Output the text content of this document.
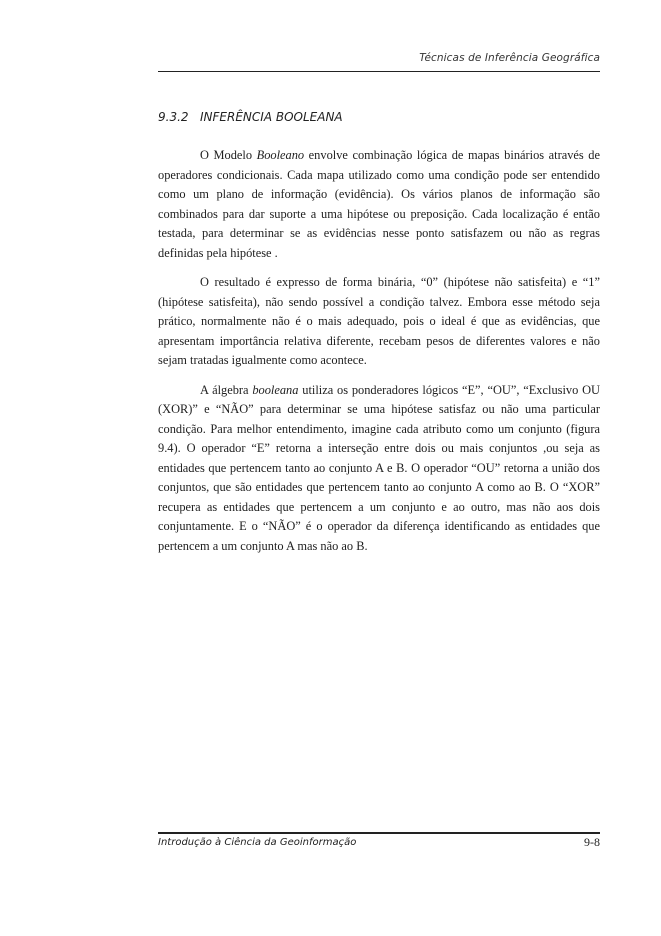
Técnicas de Inferência Geográfica
9.3.2 INFERÊNCIA BOOLEANA

O Modelo Booleano envolve combinação lógica de mapas binários através de operadores condicionais. Cada mapa utilizado como uma condição pode ser entendido como um plano de informação (evidência). Os vários planos de informação são combinados para dar suporte a uma hipótese ou preposição. Cada localização é então testada, para determinar se as evidências nesse ponto satisfazem ou não as regras definidas pela hipótese .

O resultado é expresso de forma binária, “0” (hipótese não satisfeita) e “1” (hipótese satisfeita), não sendo possível a condição talvez. Embora esse método seja prático, normalmente não é o mais adequado, pois o ideal é que as evidências, que apresentam importância relativa diferente, recebam pesos de diferentes valores e não sejam tratadas igualmente como acontece.

A álgebra booleana utiliza os ponderadores lógicos “E”, “OU”, “Exclusivo OU (XOR)” e “NÃO” para determinar se uma hipótese satisfaz ou não uma particular condição. Para melhor entendimento, imagine cada atributo como um conjunto (figura 9.4). O operador “E” retorna a interseção entre dois ou mais conjuntos ,ou seja as entidades que pertencem tanto ao conjunto A e B. O operador “OU” retorna a união dos conjuntos, que são entidades que pertencem tanto ao conjunto A como ao B. O “XOR” recupera as entidades que pertencem a um conjunto e ao outro, mas não aos dois conjuntamente. E o “NÃO” é o operador da diferença identificando as entidades que pertencem a um conjunto A mas não ao B.

Introdução à Ciência da Geoinformação	9-8
